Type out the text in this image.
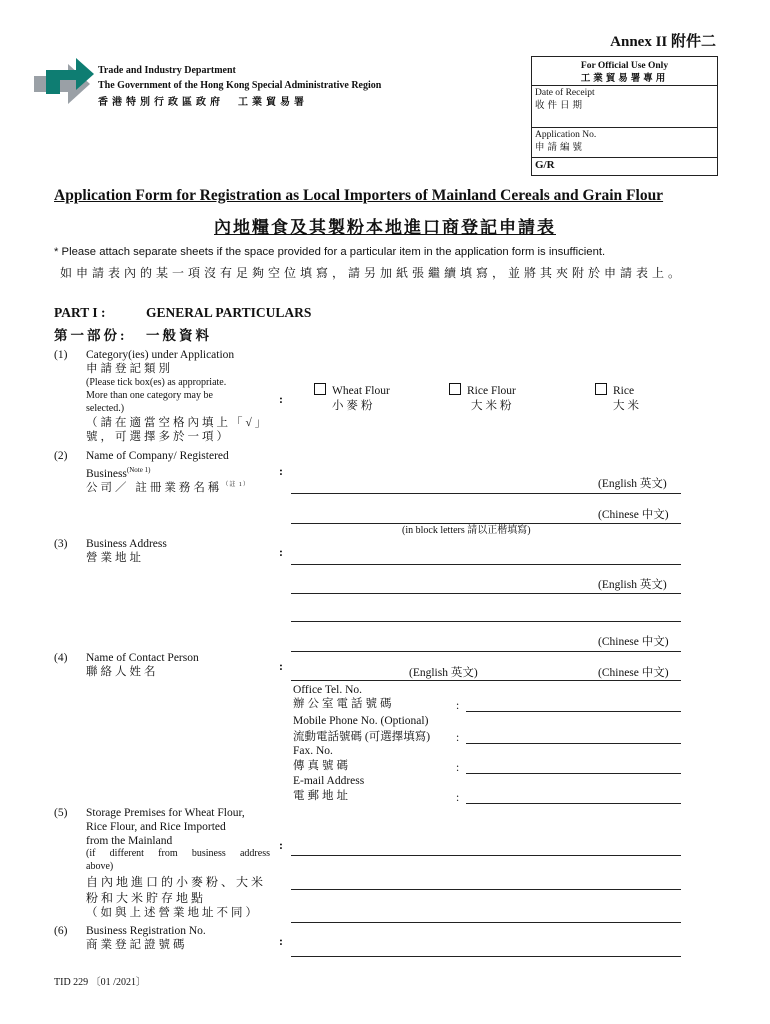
Annex II 附件二
Trade and Industry Department
The Government of the Hong Kong Special Administrative Region
香港特別行政區政府　工業貿易署
For Official Use Only
工業貿易署專用
Date of Receipt
收件日期
Application No.
申請編號
G/R
Application Form for Registration as Local Importers of Mainland Cereals and Grain Flour
內地糧食及其製粉本地進口商登記申請表
* Please attach separate sheets if the space provided for a particular item in the application form is insufficient.
如申請表內的某一項沒有足夠空位填寫，請另加紙張繼續填寫，並將其夾附於申請表上。
PART I :	GENERAL PARTICULARS
第一部份: 一般資料
(1) Category(ies) under Application
申請登記類別
(Please tick box(es) as appropriate.
More than one category may be
selected.)
（請在適當空格內填上「√」
號，可選擇多於一項）
:
Wheat Flour
小麥粉
Rice Flour
大米粉
Rice
大米
(2) Name of Company/ Registered
Business$^{(Note 1)}$
公司／ 註冊業務名稱$^{(註 1)}$
:
(English 英文)
(Chinese 中文)
(in block letters 請以正楷填寫)
(3) Business Address
營業地址	:
(English 英文)
(Chinese 中文)
(4) Name of Contact Person
聯絡人姓名	:	(English 英文)	(Chinese 中文)
Office Tel. No.
辦公室電話號碼	:
Mobile Phone No. (Optional)
流動電話號碼 (可選擇填寫) :
Fax. No.
傳真號碼	:
E-mail Address
電郵地址	:
(5) Storage Premises for Wheat Flour,
Rice Flour, and Rice Imported
from the Mainland
(if different from business address
above)
自內地進口的小麥粉、大米
粉和大米貯存地點
（如與上述營業地址不同）
:
(6) Business Registration No.
商業登記證號碼	:
TID 229 〔01 /2021〕
